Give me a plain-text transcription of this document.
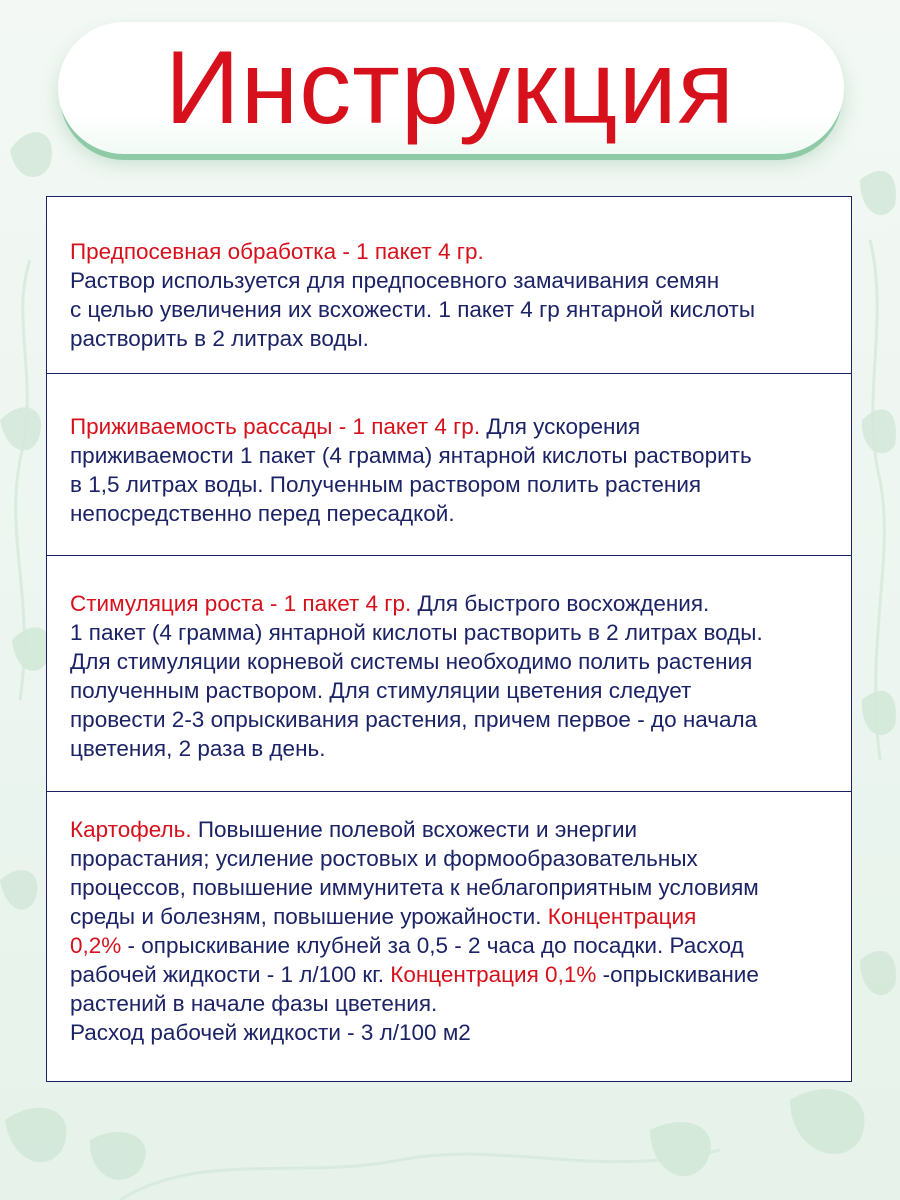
Инструкция

Предпосевная обработка - 1 пакет 4 гр.
Раствор используется для предпосевного замачивания семян
с целью увеличения их всхожести. 1 пакет 4 гр янтарной кислоты
растворить в 2 литрах воды.

Приживаемость рассады - 1 пакет 4 гр. Для ускорения
приживаемости 1 пакет (4 грамма) янтарной кислоты растворить
в 1,5 литрах воды. Полученным раствором полить растения
непосредственно перед пересадкой.

Стимуляция роста - 1 пакет 4 гр. Для быстрого восхождения.
1 пакет (4 грамма) янтарной кислоты растворить в 2 литрах воды.
Для стимуляции корневой системы необходимо полить растения
полученным раствором. Для стимуляции цветения следует
провести 2-3 опрыскивания растения, причем первое - до начала
цветения, 2 раза в день.

Картофель. Повышение полевой всхожести и энергии
прорастания; усиление ростовых и формообразовательных
процессов, повышение иммунитета к неблагоприятным условиям
среды и болезням, повышение урожайности. Концентрация
0,2% - опрыскивание клубней за 0,5 - 2 часа до посадки. Расход
рабочей жидкости - 1 л/100 кг. Концентрация 0,1% -опрыскивание
растений в начале фазы цветения.
Расход рабочей жидкости - 3 л/100 м2
